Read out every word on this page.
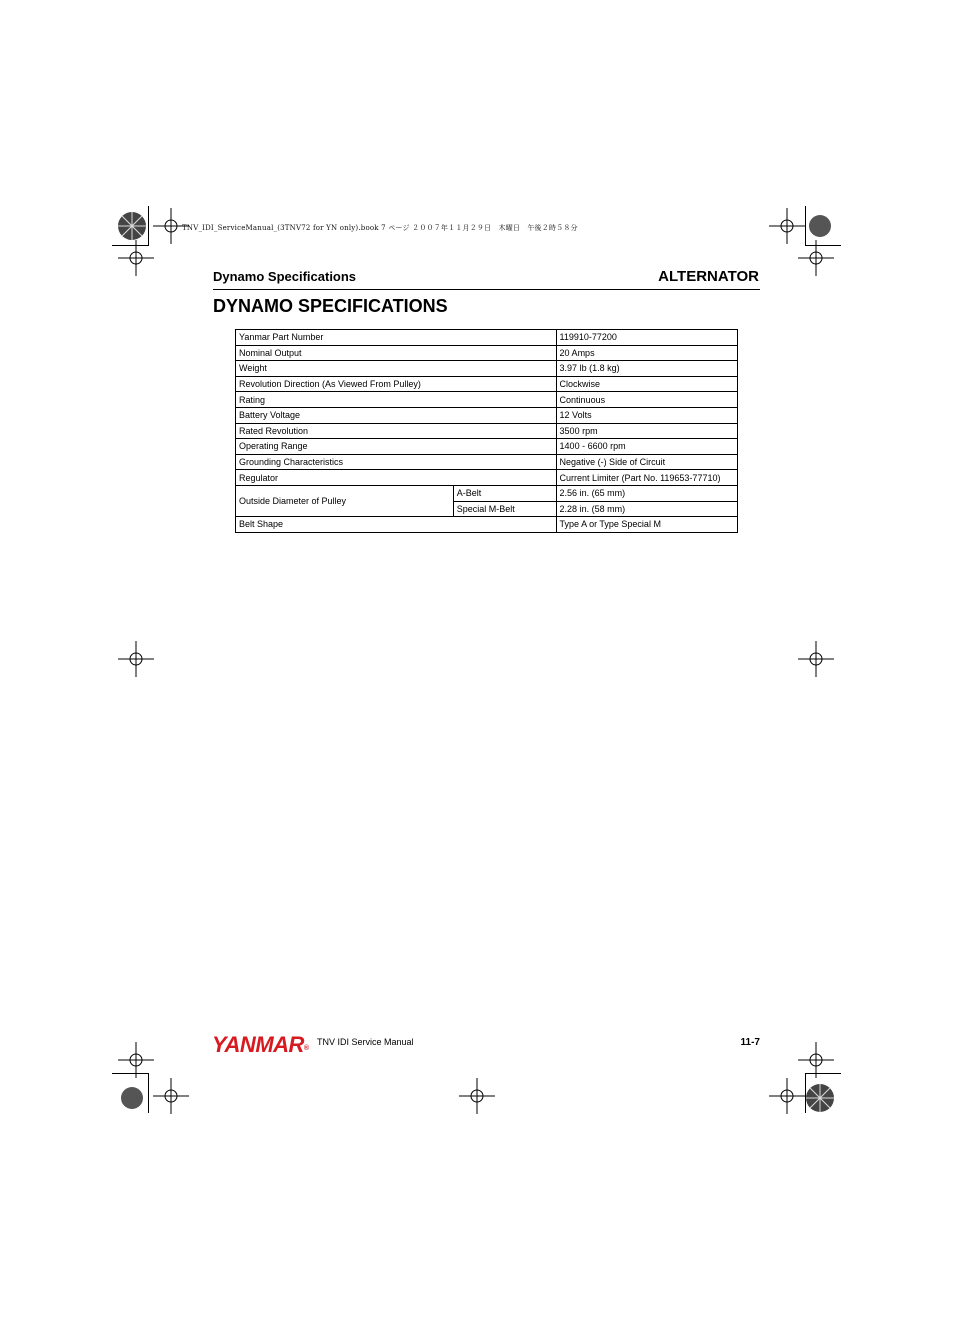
TNV_IDI_ServiceManual_(3TNV72 for YN only).book 7 ページ ２００７年１１月２９日　木曜日　午後２時５８分
Dynamo Specifications	ALTERNATOR
DYNAMO SPECIFICATIONS
Yanmar Part Number		119910-77200
Nominal Output		20 Amps
Weight		3.97 lb (1.8 kg)
Revolution Direction (As Viewed From Pulley)		Clockwise
Rating		Continuous
Battery Voltage		12 Volts
Rated Revolution		3500 rpm
Operating Range		1400 - 6600 rpm
Grounding Characteristics		Negative (-) Side of Circuit
Regulator		Current Limiter (Part No. 119653-77710)
Outside Diameter of Pulley	A-Belt	2.56 in. (65 mm)
	Special M-Belt	2.28 in. (58 mm)
Belt Shape		Type A or Type Special M
YANMAR®
TNV IDI Service Manual	11-7
